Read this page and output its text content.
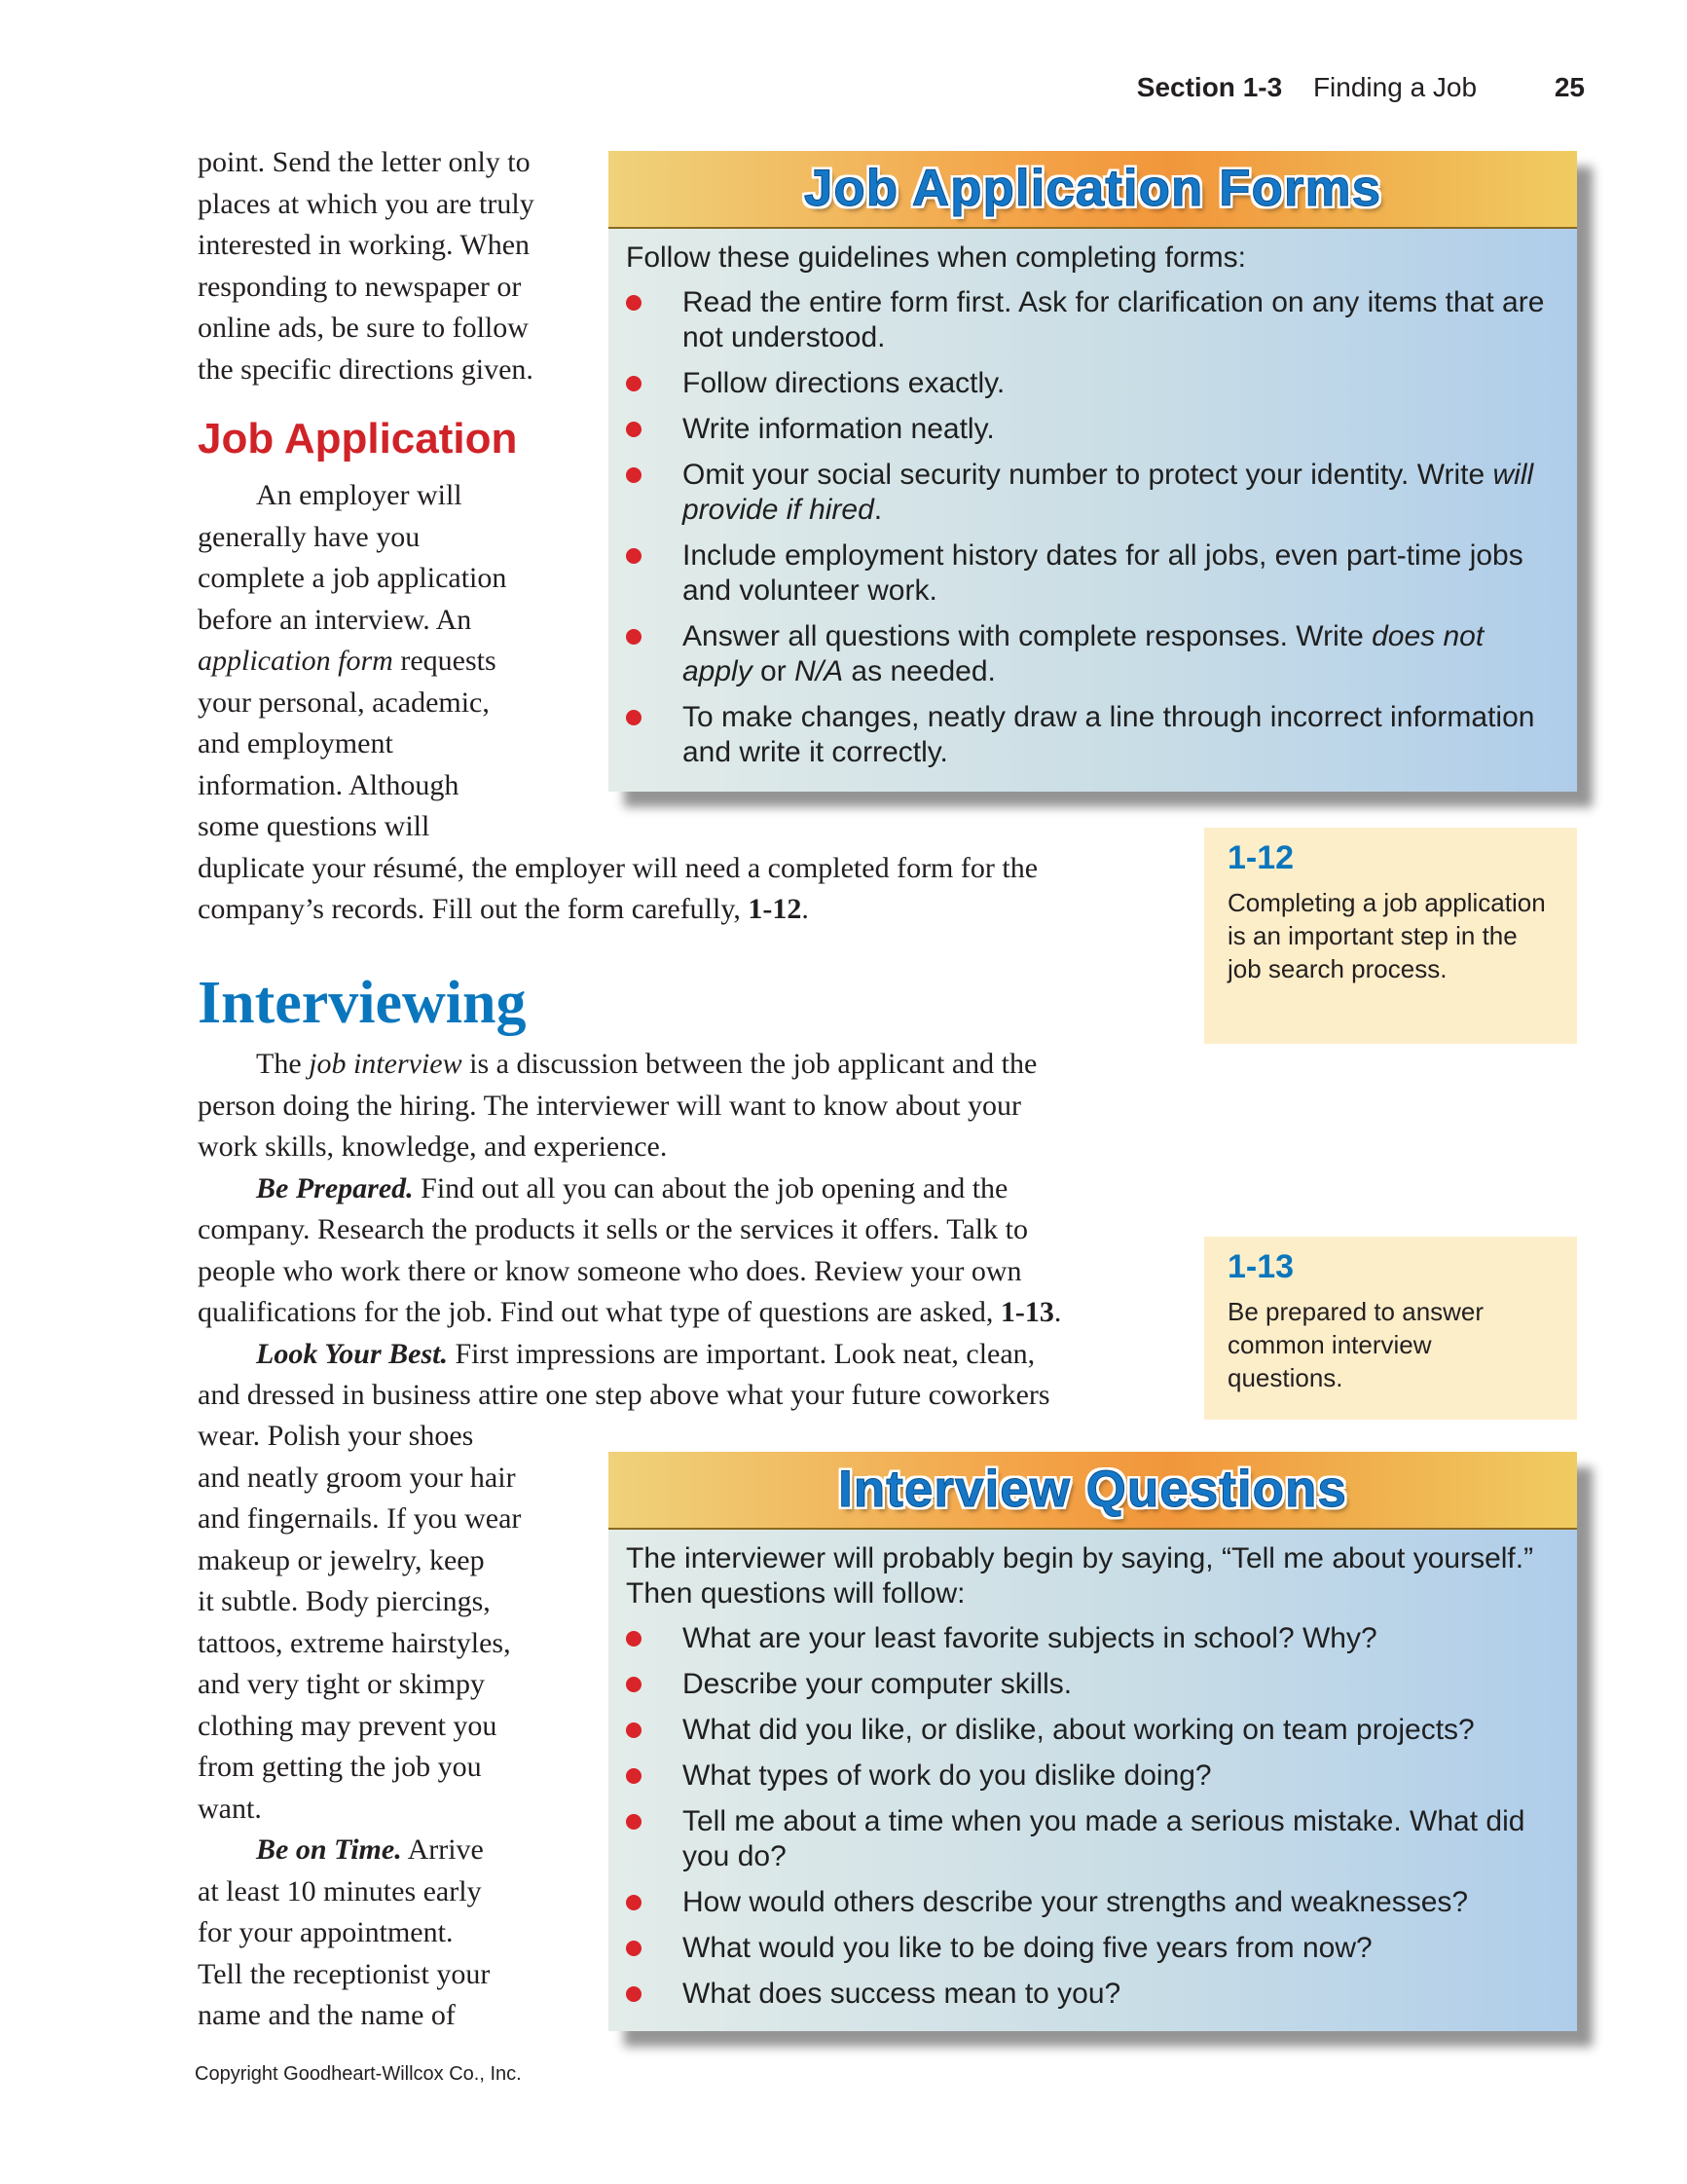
Section 1-3 Finding a Job	25

point. Send the letter only to

places at which you are truly

interested in working. When

responding to newspaper or

online ads, be sure to follow

the specific directions given.

Job Application

An employer will

generally have you

complete a job application

before an interview. An

application form requests

your personal, academic,

and employment

information. Although

some questions will

duplicate your résumé, the employer will need a completed form for the

company’s records. Fill out the form carefully, 1-12.

Job Application Forms

Follow these guidelines when completing forms:

Read the entire form first. Ask for clarification on any items that are not understood.
Follow directions exactly.
Write information neatly.
Omit your social security number to protect your identity. Write will provide if hired.
Include employment history dates for all jobs, even part-time jobs and volunteer work.
Answer all questions with complete responses. Write does not apply or N/A as needed.
To make changes, neatly draw a line through incorrect information and write it correctly.
1-12
Completing a job application is an important step in the job search process.
Interviewing

The job interview is a discussion between the job applicant and the

person doing the hiring. The interviewer will want to know about your

work skills, knowledge, and experience.

Be Prepared. Find out all you can about the job opening and the

company. Research the products it sells or the services it offers. Talk to

people who work there or know someone who does. Review your own

qualifications for the job. Find out what type of questions are asked, 1-13.

Look Your Best. First impressions are important. Look neat, clean,

and dressed in business attire one step above what your future coworkers

wear. Polish your shoes

and neatly groom your hair

and fingernails. If you wear

makeup or jewelry, keep

it subtle. Body piercings,

tattoos, extreme hairstyles,

and very tight or skimpy

clothing may prevent you

from getting the job you

want.

Be on Time. Arrive

at least 10 minutes early

for your appointment.

Tell the receptionist your

name and the name of

1-13
Be prepared to answer common interview questions.
Interview Questions

The interviewer will probably begin by saying, “Tell me about yourself.” Then questions will follow:

What are your least favorite subjects in school? Why?
Describe your computer skills.
What did you like, or dislike, about working on team projects?
What types of work do you dislike doing?
Tell me about a time when you made a serious mistake. What did you do?
How would others describe your strengths and weaknesses?
What would you like to be doing five years from now?
What does success mean to you?
Copyright Goodheart-Willcox Co., Inc.
